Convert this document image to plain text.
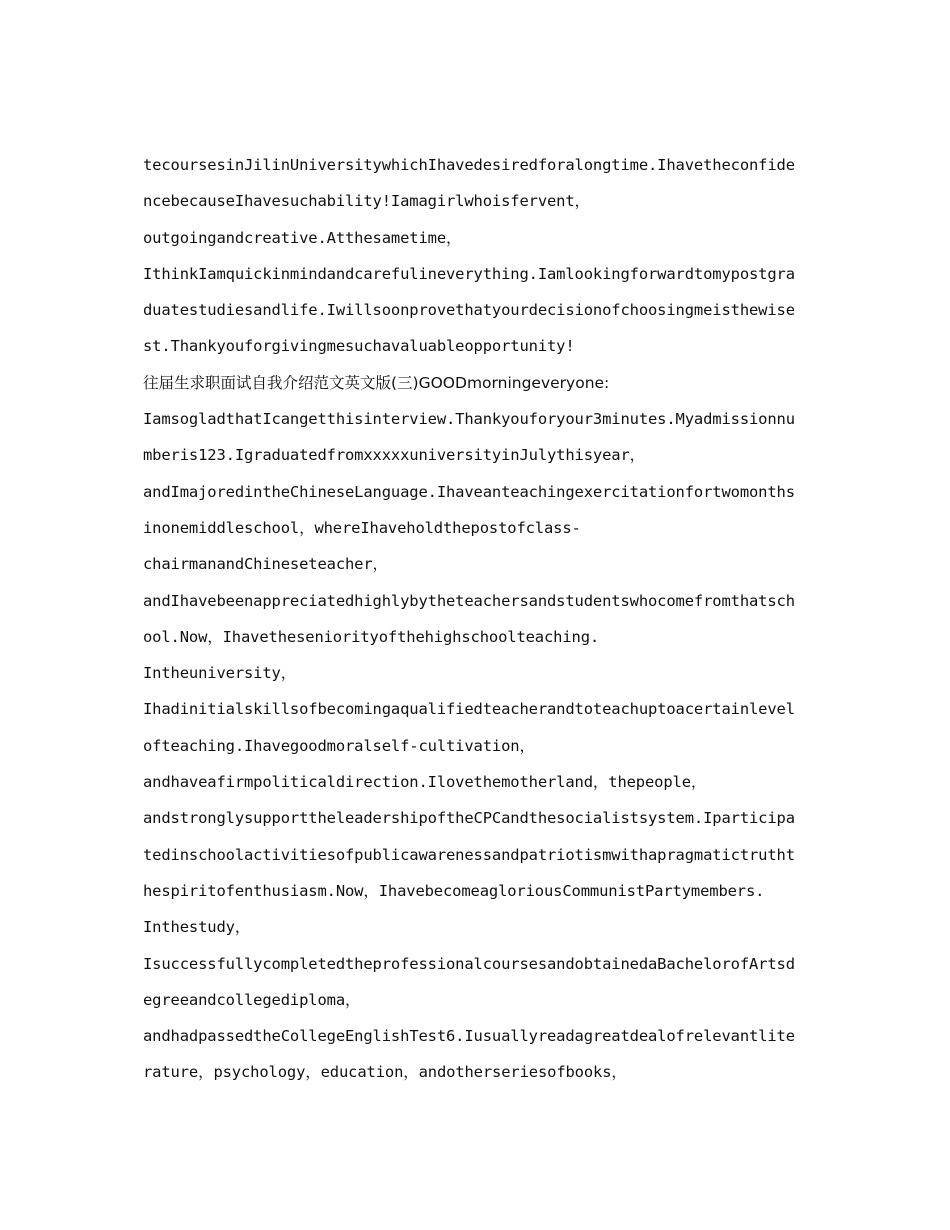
tecoursesinJilinUniversitywhichIhavedesiredforalongtime.Ihavetheconfide
ncebecauseIhavesuchability!Iamagirlwhoisfervent，
outgoingandcreative.Atthesametime，
IthinkIamquickinmindandcarefulineverything.Iamlookingforwardtomypostgra
duatestudiesandlife.Iwillsoonprovethatyourdecisionofchoosingmeisthewise
st.Thankyouforgivingmesuchavaluableopportunity!
往届生求职面试自我介绍范文英文版(三)GOODmorningeveryone:
IamsogladthatIcangetthisinterview.Thankyouforyour3minutes.Myadmissionnu
mberis123.IgraduatedfromxxxxxuniversityinJulythisyear，
andImajoredintheChineseLanguage.Ihaveanteachingexercitationfortwomonths
inonemiddleschool，whereIhaveholdthepostofclass-
chairmanandChineseteacher，
andIhavebeenappreciatedhighlybytheteachersandstudentswhocomefromthatsch
ool.Now，Ihavetheseniorityofthehighschoolteaching.
Intheuniversity，
Ihadinitialskillsofbecomingaqualifiedteacherandtoteachuptoacertainlevel
ofteaching.Ihavegoodmoralself-cultivation，
andhaveafirmpoliticaldirection.Ilovethemotherland，thepeople，
andstronglysupporttheleadershipoftheCPCandthesocialistsystem.Iparticipa
tedinschoolactivitiesofpublicawarenessandpatriotismwithapragmatictrutht
hespiritofenthusiasm.Now，IhavebecomeagloriousCommunistPartymembers.
Inthestudy，
IsuccessfullycompletedtheprofessionalcoursesandobtainedaBachelorofArtsd
egreeandcollegediploma，
andhadpassedtheCollegeEnglishTest6.Iusuallyreadagreatdealofrelevantlite
rature，psychology，education，andotherseriesofbooks，
